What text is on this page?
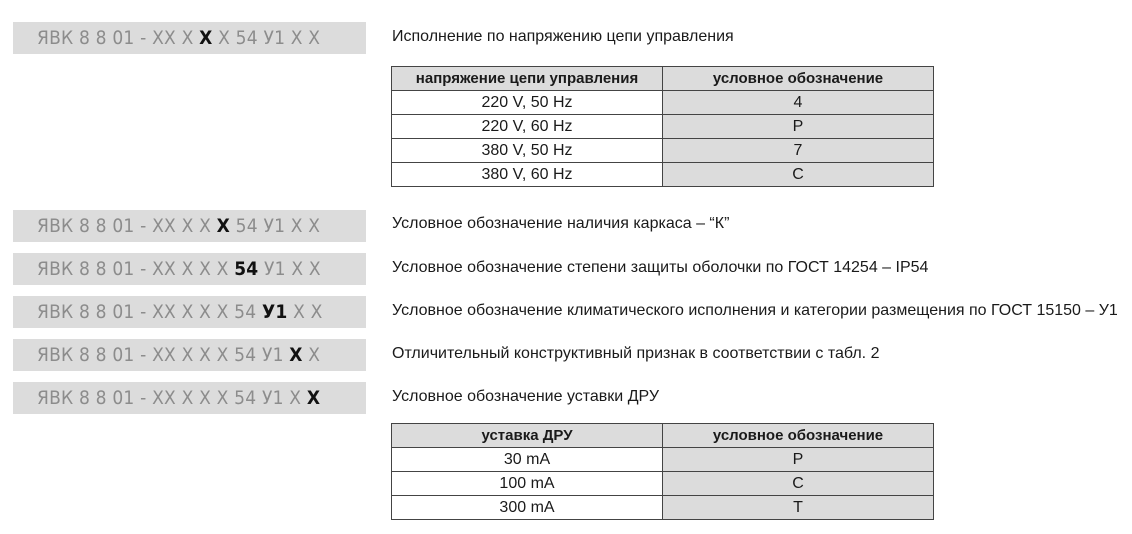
ЯВК 8 8 01 - XX X X X 54 У1 X X	Исполнение по напряжению цепи управления
напряжение цепи управления	условное обозначение
220 V, 50 Hz	4
220 V, 60 Hz	P
380 V, 50 Hz	7
380 V, 60 Hz	C
ЯВК 8 8 01 - XX X X X 54 У1 X X	Условное обозначение наличия каркаса – “К”
ЯВК 8 8 01 - XX X X X 54 У1 X X	Условное обозначение степени защиты оболочки по ГОСТ 14254 – IP54
ЯВК 8 8 01 - XX X X X 54 У1 X X	Условное обозначение климатического исполнения и категории размещения по ГОСТ 15150 – У1
ЯВК 8 8 01 - XX X X X 54 У1 X X	Отличительный конструктивный признак в соответствии с табл. 2
ЯВК 8 8 01 - XX X X X 54 У1 X X	Условное обозначение уставки ДРУ
уставка ДРУ	условное обозначение
30 mA	P
100 mA	C
300 mA	T
